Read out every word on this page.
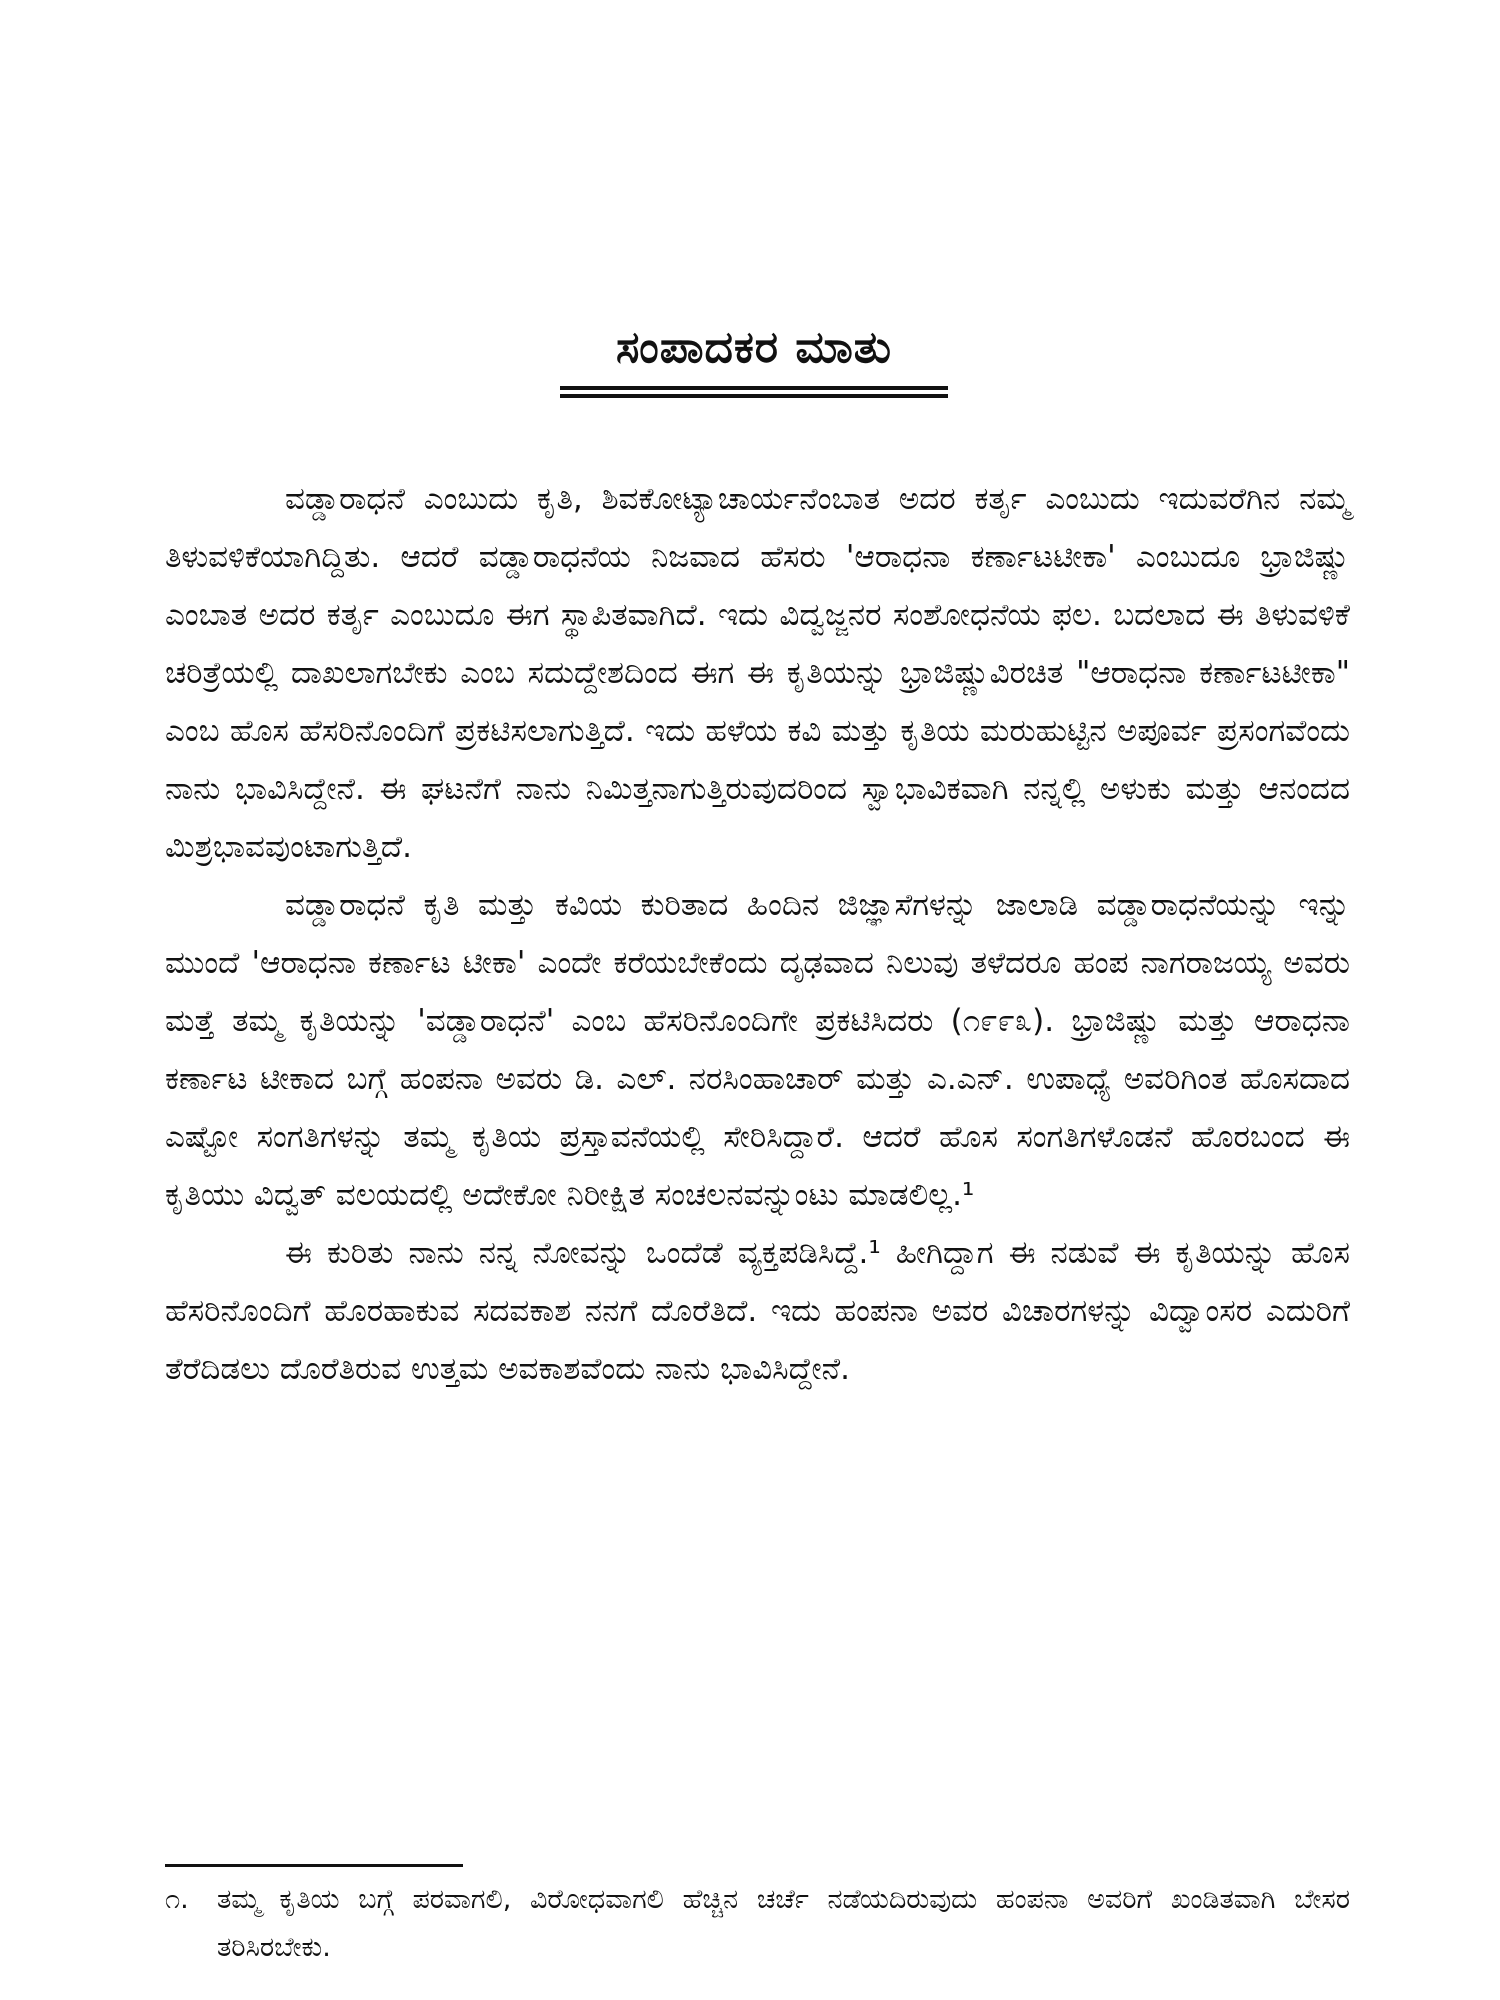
ಸಂಪಾದಕರ ಮಾತು

ವಡ್ಡಾರಾಧನೆ ಎಂಬುದು ಕೃತಿ, ಶಿವಕೋಟ್ಯಾಚಾರ್ಯನೆಂಬಾತ ಅದರ ಕರ್ತೃ ಎಂಬುದು ಇದುವರೆಗಿನ ನಮ್ಮ ತಿಳುವಳಿಕೆಯಾಗಿದ್ದಿತು. ಆದರೆ ವಡ್ಡಾರಾಧನೆಯ ನಿಜವಾದ ಹೆಸರು 'ಆರಾಧನಾ ಕರ್ಣಾಟಟೀಕಾ' ಎಂಬುದೂ ಭ್ರಾಜಿಷ್ಣು ಎಂಬಾತ ಅದರ ಕರ್ತೃ ಎಂಬುದೂ ಈಗ ಸ್ಥಾಪಿತವಾಗಿದೆ. ಇದು ವಿದ್ವಜ್ಜನರ ಸಂಶೋಧನೆಯ ಫಲ. ಬದಲಾದ ಈ ತಿಳುವಳಿಕೆ ಚರಿತ್ರೆಯಲ್ಲಿ ದಾಖಲಾಗಬೇಕು ಎಂಬ ಸದುದ್ದೇಶದಿಂದ ಈಗ ಈ ಕೃತಿಯನ್ನು ಭ್ರಾಜಿಷ್ಣುವಿರಚಿತ "ಆರಾಧನಾ ಕರ್ಣಾಟಟೀಕಾ" ಎಂಬ ಹೊಸ ಹೆಸರಿನೊಂದಿಗೆ ಪ್ರಕಟಿಸಲಾಗುತ್ತಿದೆ. ಇದು ಹಳೆಯ ಕವಿ ಮತ್ತು ಕೃತಿಯ ಮರುಹುಟ್ಟಿನ ಅಪೂರ್ವ ಪ್ರಸಂಗವೆಂದು ನಾನು ಭಾವಿಸಿದ್ದೇನೆ. ಈ ಘಟನೆಗೆ ನಾನು ನಿಮಿತ್ತನಾಗುತ್ತಿರುವುದರಿಂದ ಸ್ವಾಭಾವಿಕವಾಗಿ ನನ್ನಲ್ಲಿ ಅಳುಕು ಮತ್ತು ಆನಂದದ ಮಿಶ್ರಭಾವವುಂಟಾಗುತ್ತಿದೆ.

ವಡ್ಡಾರಾಧನೆ ಕೃತಿ ಮತ್ತು ಕವಿಯ ಕುರಿತಾದ ಹಿಂದಿನ ಜಿಜ್ಞಾಸೆಗಳನ್ನು ಜಾಲಾಡಿ ವಡ್ಡಾರಾಧನೆಯನ್ನು ಇನ್ನು ಮುಂದೆ 'ಆರಾಧನಾ ಕರ್ಣಾಟ ಟೀಕಾ' ಎಂದೇ ಕರೆಯಬೇಕೆಂದು ದೃಢವಾದ ನಿಲುವು ತಳೆದರೂ ಹಂಪ ನಾಗರಾಜಯ್ಯ ಅವರು ಮತ್ತೆ ತಮ್ಮ ಕೃತಿಯನ್ನು 'ವಡ್ಡಾರಾಧನೆ' ಎಂಬ ಹೆಸರಿನೊಂದಿಗೇ ಪ್ರಕಟಿಸಿದರು (೧೯೯೩). ಭ್ರಾಜಿಷ್ಣು ಮತ್ತು ಆರಾಧನಾ ಕರ್ಣಾಟ ಟೀಕಾದ ಬಗ್ಗೆ ಹಂಪನಾ ಅವರು ಡಿ. ಎಲ್. ನರಸಿಂಹಾಚಾರ್ ಮತ್ತು ಎ.ಎನ್. ಉಪಾಧ್ಯೆ ಅವರಿಗಿಂತ ಹೊಸದಾದ ಎಷ್ಟೋ ಸಂಗತಿಗಳನ್ನು ತಮ್ಮ ಕೃತಿಯ ಪ್ರಸ್ತಾವನೆಯಲ್ಲಿ ಸೇರಿಸಿದ್ದಾರೆ. ಆದರೆ ಹೊಸ ಸಂಗತಿಗಳೊಡನೆ ಹೊರಬಂದ ಈ ಕೃತಿಯು ವಿದ್ವತ್ ವಲಯದಲ್ಲಿ ಅದೇಕೋ ನಿರೀಕ್ಷಿತ ಸಂಚಲನವನ್ನುಂಟು ಮಾಡಲಿಲ್ಲ.¹

ಈ ಕುರಿತು ನಾನು ನನ್ನ ನೋವನ್ನು ಒಂದೆಡೆ ವ್ಯಕ್ತಪಡಿಸಿದ್ದೆ.¹ ಹೀಗಿದ್ದಾಗ ಈ ನಡುವೆ ಈ ಕೃತಿಯನ್ನು ಹೊಸ ಹೆಸರಿನೊಂದಿಗೆ ಹೊರಹಾಕುವ ಸದವಕಾಶ ನನಗೆ ದೊರೆತಿದೆ. ಇದು ಹಂಪನಾ ಅವರ ವಿಚಾರಗಳನ್ನು ವಿದ್ವಾಂಸರ ಎದುರಿಗೆ ತೆರೆದಿಡಲು ದೊರೆತಿರುವ ಉತ್ತಮ ಅವಕಾಶವೆಂದು ನಾನು ಭಾವಿಸಿದ್ದೇನೆ.

೧. ತಮ್ಮ ಕೃತಿಯ ಬಗ್ಗೆ ಪರವಾಗಲಿ, ವಿರೋಧವಾಗಲಿ ಹೆಚ್ಚಿನ ಚರ್ಚೆ ನಡೆಯದಿರುವುದು ಹಂಪನಾ ಅವರಿಗೆ ಖಂಡಿತವಾಗಿ ಬೇಸರ ತರಿಸಿರಬೇಕು.
